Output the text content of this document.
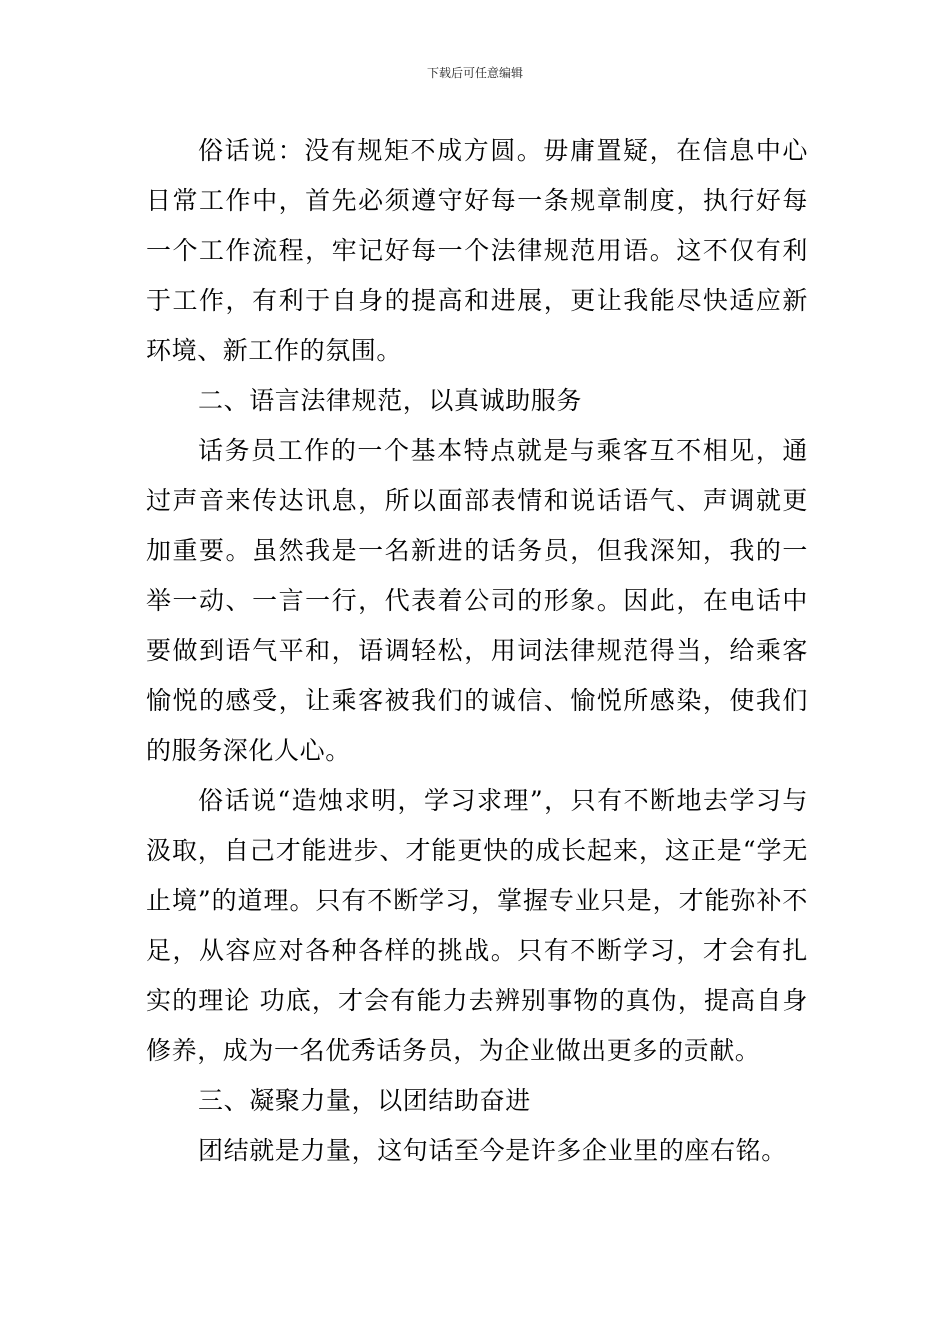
下载后可任意编辑

俗话说：没有规矩不成方圆。毋庸置疑，在信息中心日常工作中，首先必须遵守好每一条规章制度，执行好每一个工作流程，牢记好每一个法律规范用语。这不仅有利于工作，有利于自身的提高和进展，更让我能尽快适应新环境、新工作的氛围。

二、语言法律规范，以真诚助服务

话务员工作的一个基本特点就是与乘客互不相见，通过声音来传达讯息，所以面部表情和说话语气、声调就更加重要。虽然我是一名新进的话务员，但我深知，我的一举一动、一言一行，代表着公司的形象。因此，在电话中要做到语气平和，语调轻松，用词法律规范得当，给乘客愉悦的感受，让乘客被我们的诚信、愉悦所感染，使我们的服务深化人心。

俗话说“造烛求明，学习求理”，只有不断地去学习与汲取，自己才能进步、才能更快的成长起来，这正是“学无止境”的道理。只有不断学习，掌握专业只是，才能弥补不足，从容应对各种各样的挑战。只有不断学习，才会有扎实的理论 功底，才会有能力去辨别事物的真伪，提高自身修养，成为一名优秀话务员，为企业做出更多的贡献。

三、凝聚力量，以团结助奋进

团结就是力量，这句话至今是许多企业里的座右铭。
